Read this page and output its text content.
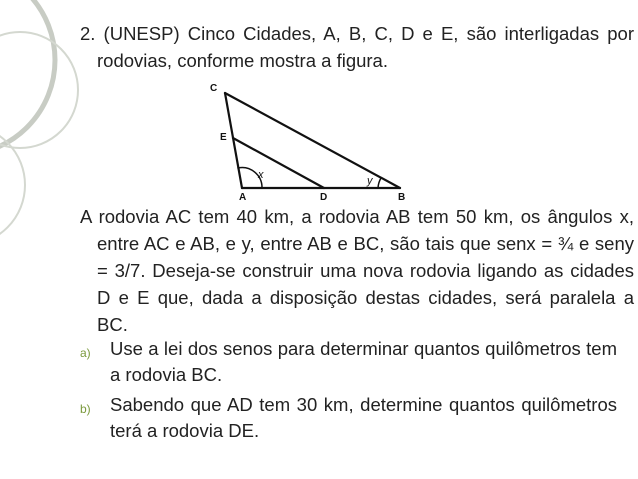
2. (UNESP) Cinco Cidades, A, B, C, D e E, são interligadas por rodovias, conforme mostra a figura.
C
E
A	D	B
x	y
A rodovia AC tem 40 km, a rodovia AB tem 50 km, os ângulos x, entre AC e AB, e y, entre AB e BC, são tais que senx = ¾ e seny = 3/7. Deseja-se construir uma nova rodovia ligando as cidades D e E que, dada a disposição destas cidades, será paralela a BC.
a) Use a lei dos senos para determinar quantos quilômetros tem a rodovia BC.
b) Sabendo que AD tem 30 km, determine quantos quilômetros terá a rodovia DE.
